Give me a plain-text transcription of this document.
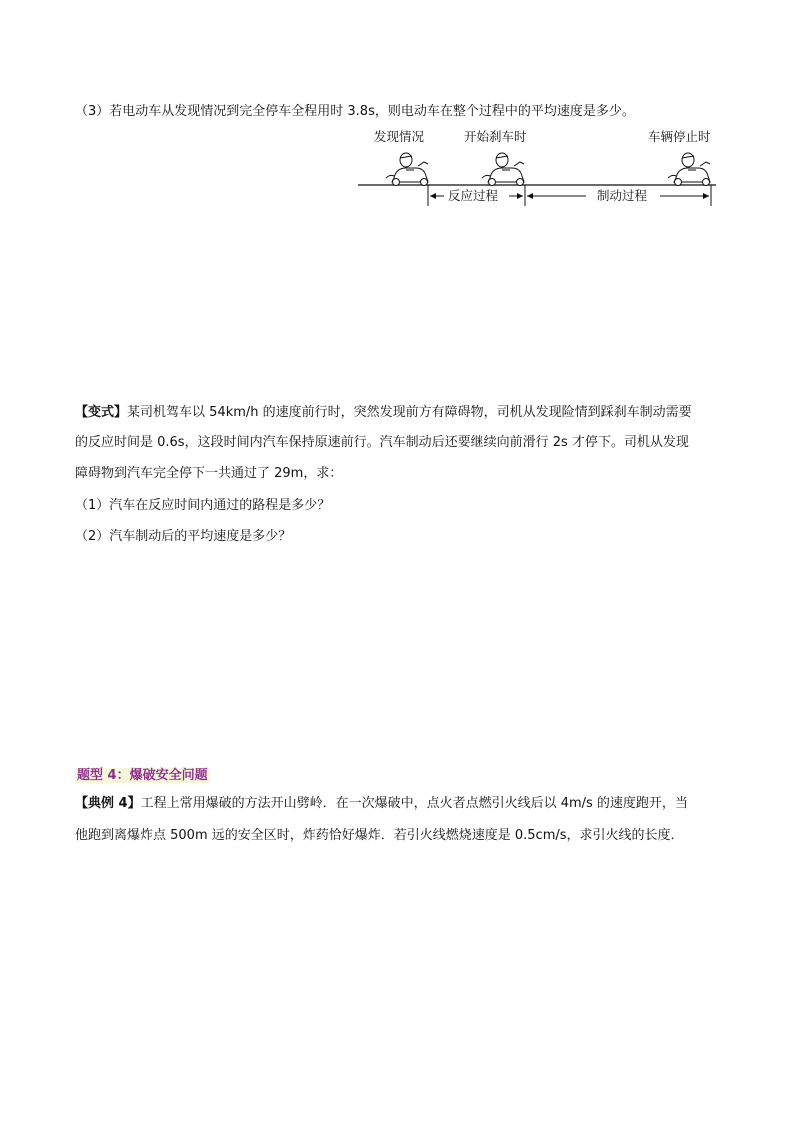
（3）若电动车从发现情况到完全停车全程用时 3.8s，则电动车在整个过程中的平均速度是多少。
发现情况	开始刹车时	车辆停止时
反应过程	制动过程
【变式】某司机驾车以 54km/h 的速度前行时，突然发现前方有障碍物，司机从发现险情到踩刹车制动需要
的反应时间是 0.6s，这段时间内汽车保持原速前行。汽车制动后还要继续向前滑行 2s 才停下。司机从发现
障碍物到汽车完全停下一共通过了 29m，求：
（1）汽车在反应时间内通过的路程是多少？
（2）汽车制动后的平均速度是多少？
题型 4：爆破安全问题
【典例 4】工程上常用爆破的方法开山劈岭．在一次爆破中，点火者点燃引火线后以 4m/s 的速度跑开，当
他跑到离爆炸点 500m 远的安全区时，炸药恰好爆炸．若引火线燃烧速度是 0.5cm/s，求引火线的长度．
